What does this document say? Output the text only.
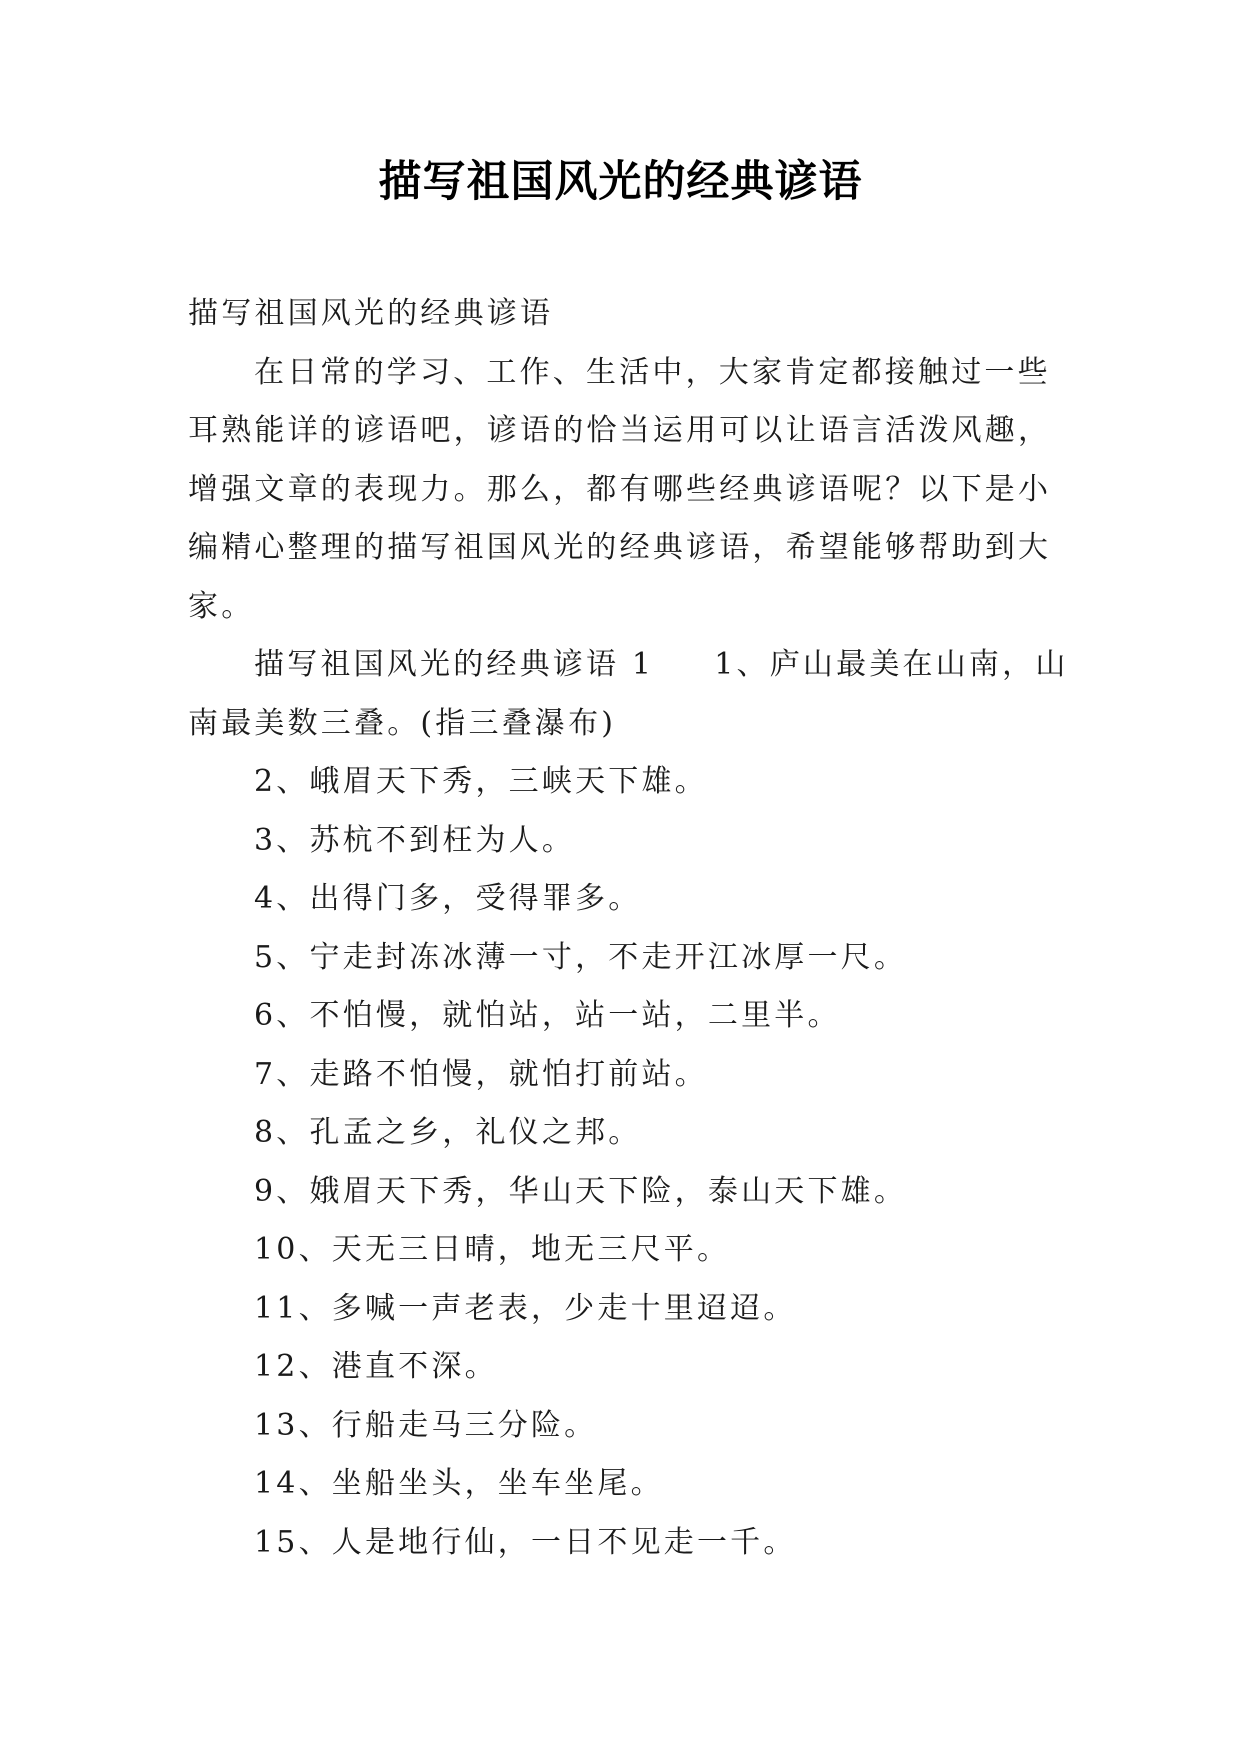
描写祖国风光的经典谚语
描写祖国风光的经典谚语
在日常的学习、工作、生活中，大家肯定都接触过一些
耳熟能详的谚语吧，谚语的恰当运用可以让语言活泼风趣，
增强文章的表现力。那么，都有哪些经典谚语呢？以下是小
编精心整理的描写祖国风光的经典谚语，希望能够帮助到大
家。
描写祖国风光的经典谚语 1 1、庐山最美在山南，山
南最美数三叠。(指三叠瀑布)
2、峨眉天下秀，三峡天下雄。
3、苏杭不到枉为人。
4、出得门多，受得罪多。
5、宁走封冻冰薄一寸，不走开江冰厚一尺。
6、不怕慢，就怕站，站一站，二里半。
7、走路不怕慢，就怕打前站。
8、孔孟之乡，礼仪之邦。
9、娥眉天下秀，华山天下险，泰山天下雄。
10、天无三日晴，地无三尺平。
11、多喊一声老表，少走十里迢迢。
12、港直不深。
13、行船走马三分险。
14、坐船坐头，坐车坐尾。
15、人是地行仙，一日不见走一千。
